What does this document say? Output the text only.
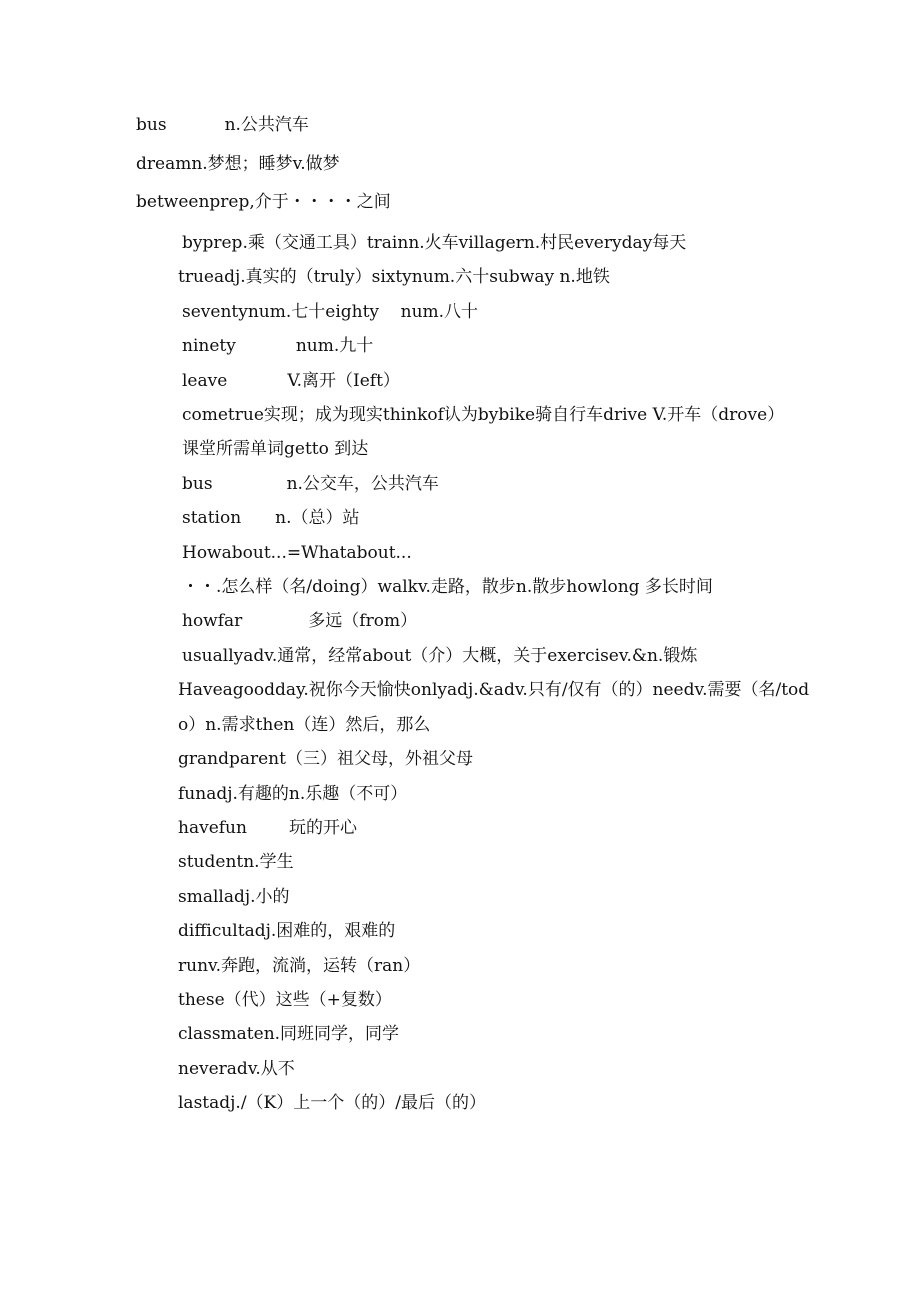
bus	n.公共汽车
dreamn.梦想；睡梦v.做梦
betweenprep,介于・・・・之间
byprep.乘（交通工具）trainn.火车villagern.村民everyday每天
trueadj.真实的（truly）sixtynum.六十subway n.地铁
seventynum.七十eighty    num.八十
ninety	num.九十
leave	V.离开（Ieft）
cometrue实现；成为现实thinkof认为bybike骑自行车drive V.开车（drove）
课堂所需单词getto 到达
bus	n.公交车，公共汽车
station n.（总）站
Howabout...=Whatabout...
・・.怎么样（名/doing）walkv.走路，散步n.散步howlong 多长时间
howfar	多远（from）
usuallyadv.通常，经常about（介）大概，关于exercisev.&n.锻炼
Haveagoodday.祝你今天愉快onlyadj.&adv.只有/仅有（的）needv.需要（名/todo）n.需求then（连）然后，那么
grandparent（三）祖父母，外祖父母
funadj.有趣的n.乐趣（不可）
havefun 玩的开心
studentn.学生
smalladj.小的
difficultadj.困难的，艰难的
runv.奔跑，流淌，运转（ran）
these（代）这些（+复数）
classmaten.同班同学，同学
neveradv.从不
lastadj./（K）上一个（的）/最后（的）
